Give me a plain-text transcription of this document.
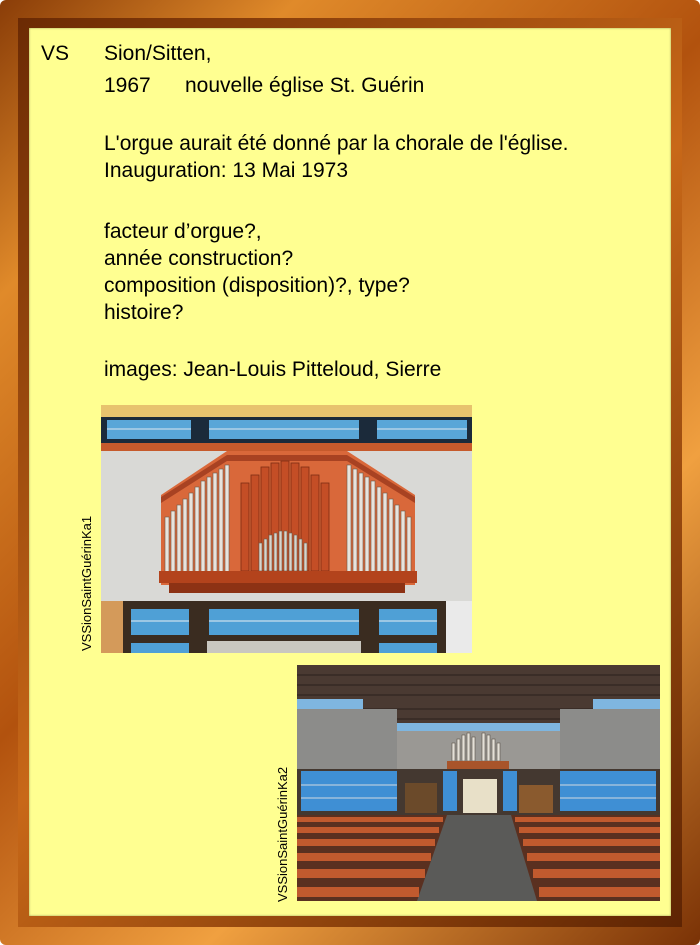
VS Sion/Sitten,
1967 nouvelle église St. Guérin
L'orgue aurait été donné par la chorale de l'église.
Inauguration: 13 Mai 1973
facteur d’orgue?,
année construction?
composition (disposition)?, type?
histoire?
images: Jean-Louis Pitteloud, Sierre
VSSionSaintGuérinKa1
VSSionSaintGuérinKa2
